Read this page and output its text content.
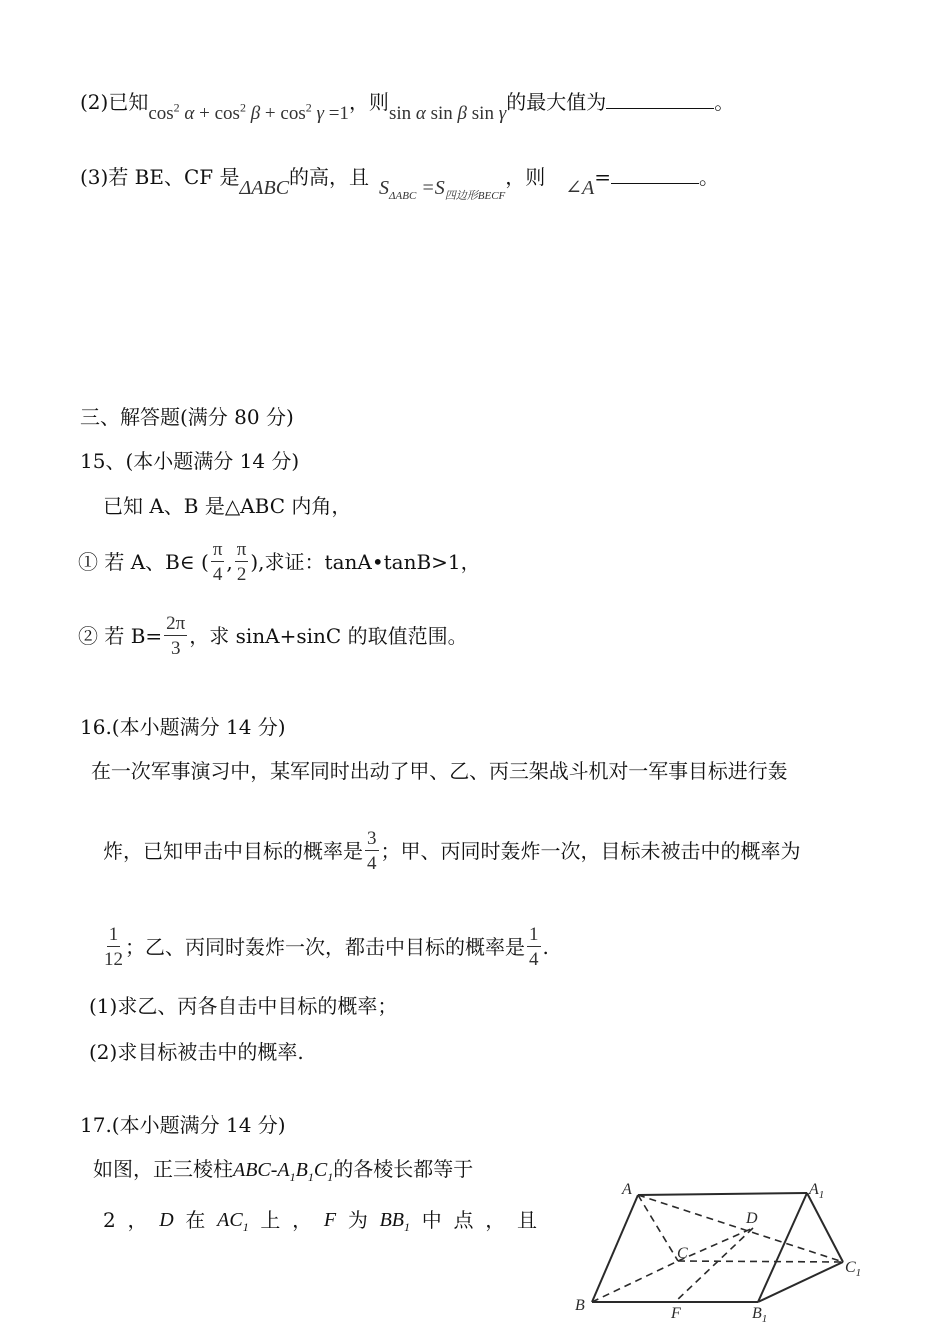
(2)已知$\cos^2 \alpha + \cos^2 \beta + \cos^2 \gamma =1$，则sin α sin β sin γ的最大值为	。
(3)若 BE、CF 是ΔABC的高，且 $S_{\Delta ABC} =S_{四边形BECF}$，则 ∠A=	。
三、解答题(满分 80 分)
15、(本小题满分 14 分)
已知 A、B 是△ABC 内角，
① 若 A、B∈ ( $\frac{\pi}{4}$ , $\frac{\pi}{2}$ ),求证：tanA•tanB>1，
② 若 $B= \frac{2\pi}{3}$ ，求 sinA+sinC 的取值范围。
16.(本小题满分 14 分)
在一次军事演习中，某军同时出动了甲、乙、丙三架战斗机对一军事目标进行轰
炸，已知甲击中目标的概率是 $\frac{3}{4}$ ；甲、丙同时轰炸一次，目标未被击中的概率为
$\frac{1}{12}$ ；乙、丙同时轰炸一次，都击中目标的概率是 $\frac{1}{4}$ .
(1)求乙、丙各自击中目标的概率；
(2)求目标被击中的概率.
17.(本小题满分 14 分)
如图，正三棱柱ABC-$A_1B_1C_1$的各棱长都等于
2 ， D 在 $AC_1$ 上 ， F 为 $BB_1$ 中 点 ， 且
A	$A_1$
D
C
$C_1$
B	F	$B_1$
